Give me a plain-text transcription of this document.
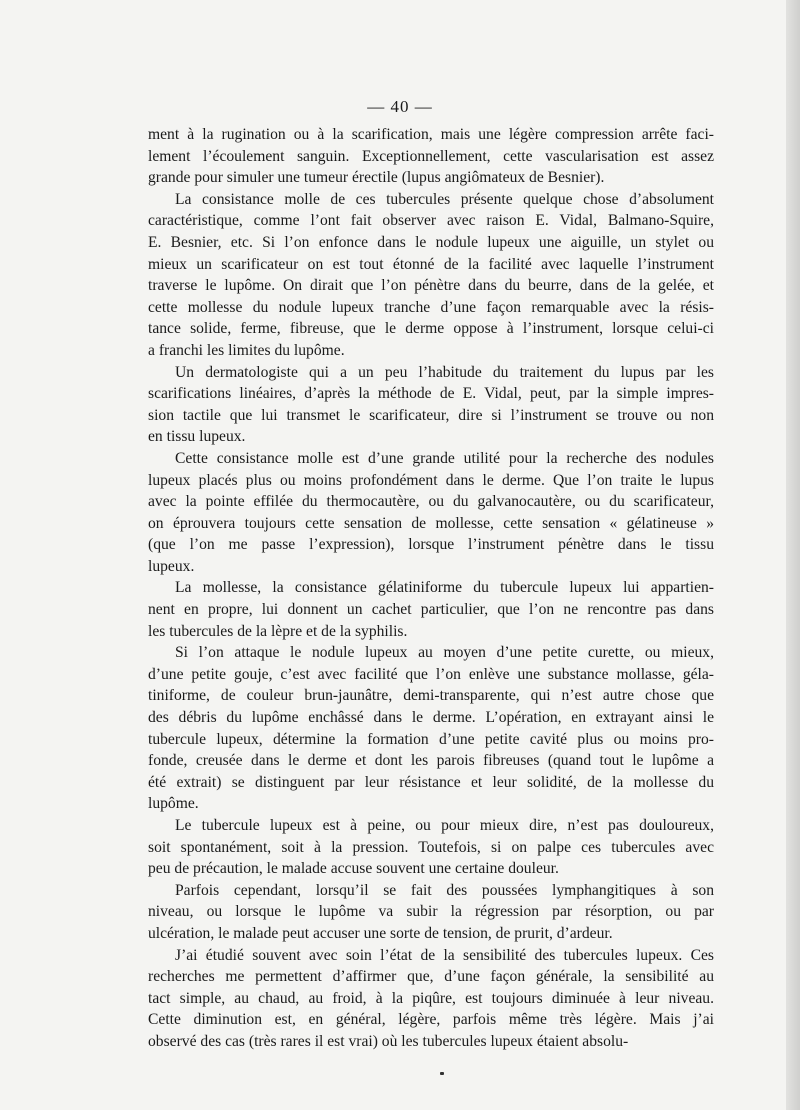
— 40 —

ment à la rugination ou à la scarification, mais une légère compression arrête faci-
lement l’écoulement sanguin. Exceptionnellement, cette vascularisation est assez
grande pour simuler une tumeur érectile (lupus angiômateux de Besnier).

La consistance molle de ces tubercules présente quelque chose d’absolument
caractéristique, comme l’ont fait observer avec raison E. Vidal, Balmano-Squire,
E. Besnier, etc. Si l’on enfonce dans le nodule lupeux une aiguille, un stylet ou
mieux un scarificateur on est tout étonné de la facilité avec laquelle l’instrument
traverse le lupôme. On dirait que l’on pénètre dans du beurre, dans de la gelée, et
cette mollesse du nodule lupeux tranche d’une façon remarquable avec la résis-
tance solide, ferme, fibreuse, que le derme oppose à l’instrument, lorsque celui-ci
a franchi les limites du lupôme.

Un dermatologiste qui a un peu l’habitude du traitement du lupus par les
scarifications linéaires, d’après la méthode de E. Vidal, peut, par la simple impres-
sion tactile que lui transmet le scarificateur, dire si l’instrument se trouve ou non
en tissu lupeux.

Cette consistance molle est d’une grande utilité pour la recherche des nodules
lupeux placés plus ou moins profondément dans le derme. Que l’on traite le lupus
avec la pointe effilée du thermocautère, ou du galvanocautère, ou du scarificateur,
on éprouvera toujours cette sensation de mollesse, cette sensation « gélatineuse »
(que l’on me passe l’expression), lorsque l’instrument pénètre dans le tissu
lupeux.

La mollesse, la consistance gélatiniforme du tubercule lupeux lui appartien-
nent en propre, lui donnent un cachet particulier, que l’on ne rencontre pas dans
les tubercules de la lèpre et de la syphilis.

Si l’on attaque le nodule lupeux au moyen d’une petite curette, ou mieux,
d’une petite gouje, c’est avec facilité que l’on enlève une substance mollasse, géla-
tiniforme, de couleur brun-jaunâtre, demi-transparente, qui n’est autre chose que
des débris du lupôme enchâssé dans le derme. L’opération, en extrayant ainsi le
tubercule lupeux, détermine la formation d’une petite cavité plus ou moins pro-
fonde, creusée dans le derme et dont les parois fibreuses (quand tout le lupôme a
été extrait) se distinguent par leur résistance et leur solidité, de la mollesse du
lupôme.

Le tubercule lupeux est à peine, ou pour mieux dire, n’est pas douloureux,
soit spontanément, soit à la pression. Toutefois, si on palpe ces tubercules avec
peu de précaution, le malade accuse souvent une certaine douleur.

Parfois cependant, lorsqu’il se fait des poussées lymphangitiques à son
niveau, ou lorsque le lupôme va subir la régression par résorption, ou par
ulcération, le malade peut accuser une sorte de tension, de prurit, d’ardeur.

J’ai étudié souvent avec soin l’état de la sensibilité des tubercules lupeux. Ces
recherches me permettent d’affirmer que, d’une façon générale, la sensibilité au
tact simple, au chaud, au froid, à la piqûre, est toujours diminuée à leur niveau.
Cette diminution est, en général, légère, parfois même très légère. Mais j’ai
observé des cas (très rares il est vrai) où les tubercules lupeux étaient absolu-
